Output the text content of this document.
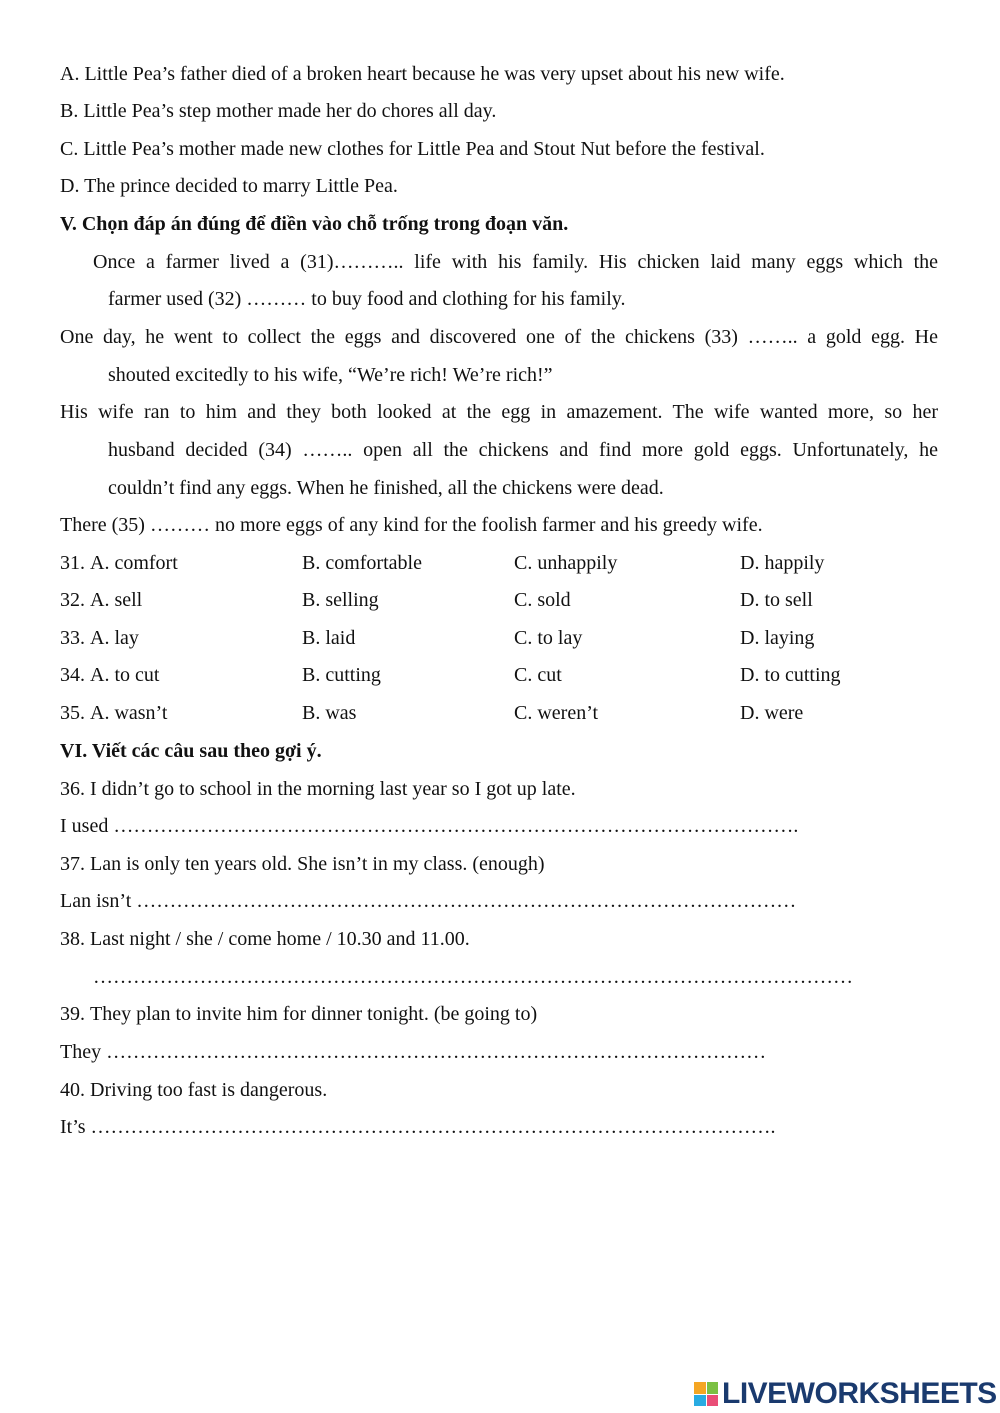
A. Little Pea’s father died of a broken heart because he was very upset about his new wife.
B. Little Pea’s step mother made her do chores all day.
C. Little Pea’s mother made new clothes for Little Pea and Stout Nut before the festival.
D. The prince decided to marry Little Pea.
V. Chọn đáp án đúng để điền vào chỗ trống trong đoạn văn.
Once a farmer lived a (31)……….. life with his family. His chicken laid many eggs which the
farmer used (32) ……… to buy food and clothing for his family.
One day, he went to collect the eggs and discovered one of the chickens (33) …….. a gold egg. He
shouted excitedly to his wife, “We’re rich! We’re rich!”
His wife ran to him and they both looked at the egg in amazement. The wife wanted more, so her
husband decided (34) …….. open all the chickens and find more gold eggs. Unfortunately, he
couldn’t find any eggs. When he finished, all the chickens were dead.
There (35) ……… no more eggs of any kind for the foolish farmer and his greedy wife.
31. A. comfort	B. comfortable	C. unhappily	D. happily
32. A. sell	B. selling	C. sold	D. to sell
33. A. lay	B. laid	C. to lay	D. laying
34. A. to cut	B. cutting	C. cut	D. to cutting
35. A. wasn’t	B. was	C. weren’t	D. were
VI. Viết các câu sau theo gợi ý.
36. I didn’t go to school in the morning last year so I got up late.
I used ………………………………………………………………………………………….
37. Lan is only ten years old. She isn’t in my class. (enough)
Lan isn’t ………………………………………………………………………………………
38. Last night / she / come home / 10.30 and 11.00.
……………………………………………………………………………………………………
39. They plan to invite him for dinner tonight. (be going to)
They ………………………………………………………………………………………
40. Driving too fast is dangerous.
It’s ………………………………………………………………………………………….
LIVEWORKSHEETS
